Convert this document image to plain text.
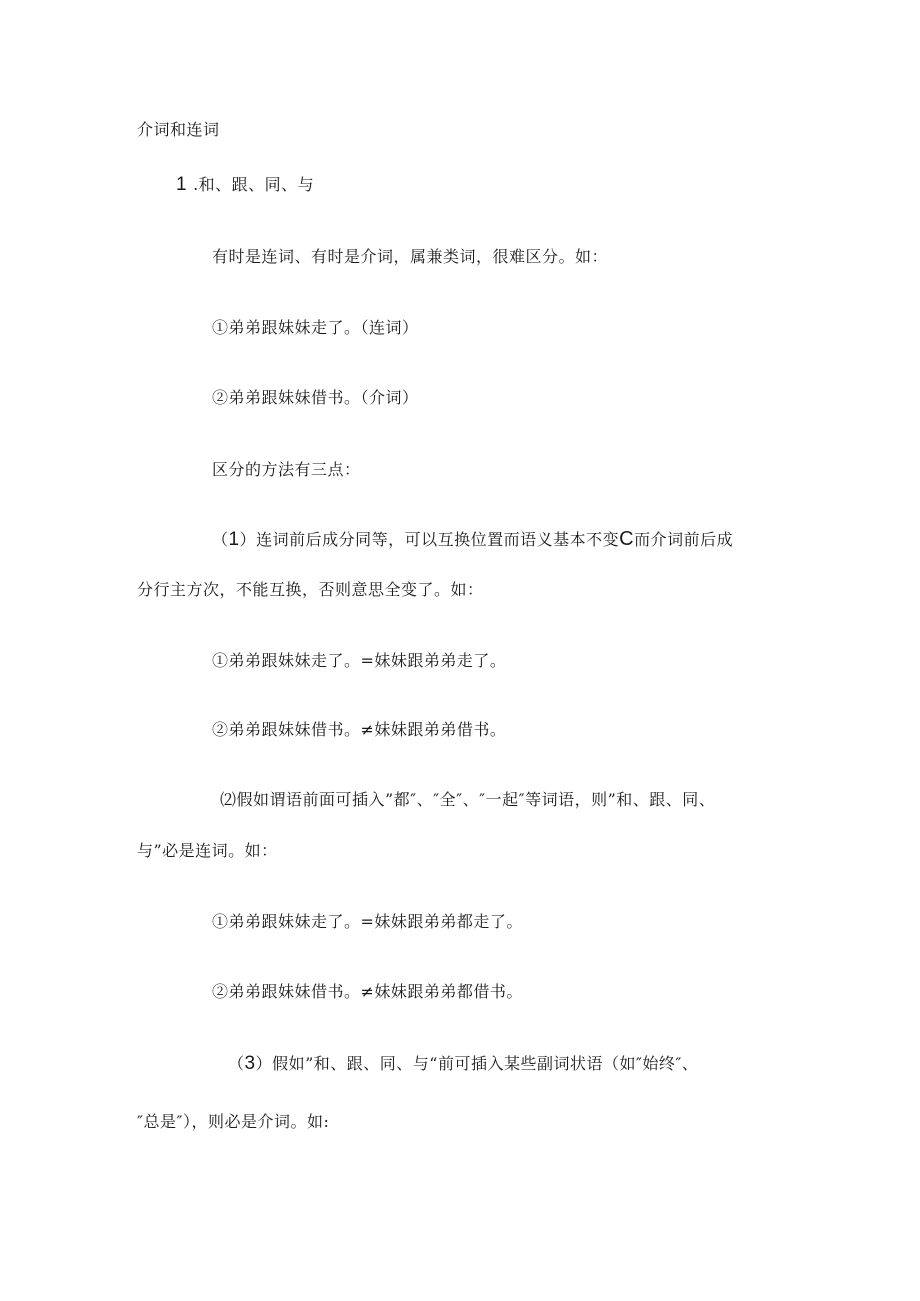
介词和连词
1 .和、跟、同、与
有时是连词、有时是介词，属兼类词，很难区分。如：
①弟弟跟妹妹走了。（连词）
②弟弟跟妹妹借书。（介词）
区分的方法有三点：
（1）连词前后成分同等，可以互换位置而语义基本不变C而介词前后成
分行主方次，不能互换，否则意思全变了。如：
①弟弟跟妹妹走了。=妹妹跟弟弟走了。
②弟弟跟妹妹借书。≠妹妹跟弟弟借书。
⑵假如谓语前面可插入”都″、″全″、″一起″等词语，则”和、跟、同、
与”必是连词。如：
①弟弟跟妹妹走了。=妹妹跟弟弟都走了。
②弟弟跟妹妹借书。≠妹妹跟弟弟都借书。
（3）假如”和、跟、同、与“前可插入某些副词状语（如″始终″、
″总是″），则必是介词。如:
